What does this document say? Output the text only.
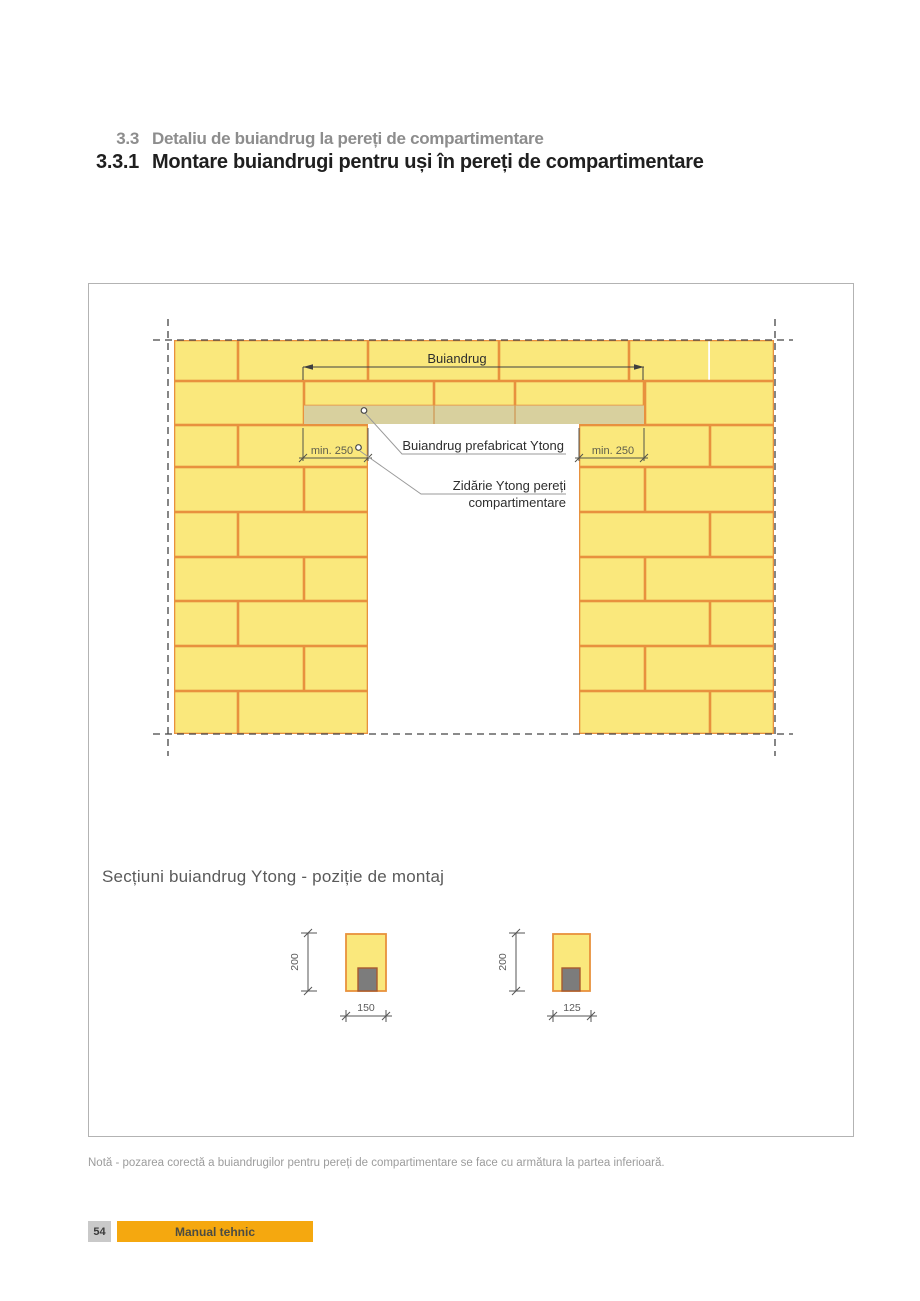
3.3 Detaliu de buiandrug la pereți de compartimentare
3.3.1 Montare buiandrugi pentru uși în pereți de compartimentare
Buiandrug
min. 250	min. 250
Buiandrug prefabricat Ytong
Zidărie Ytong pereți
compartimentare
200
150
200
125
Secțiuni buiandrug Ytong - poziție de montaj
Notă - pozarea corectă a buiandrugilor pentru pereți de compartimentare se face cu armătura la partea inferioară.
54	Manual tehnic
